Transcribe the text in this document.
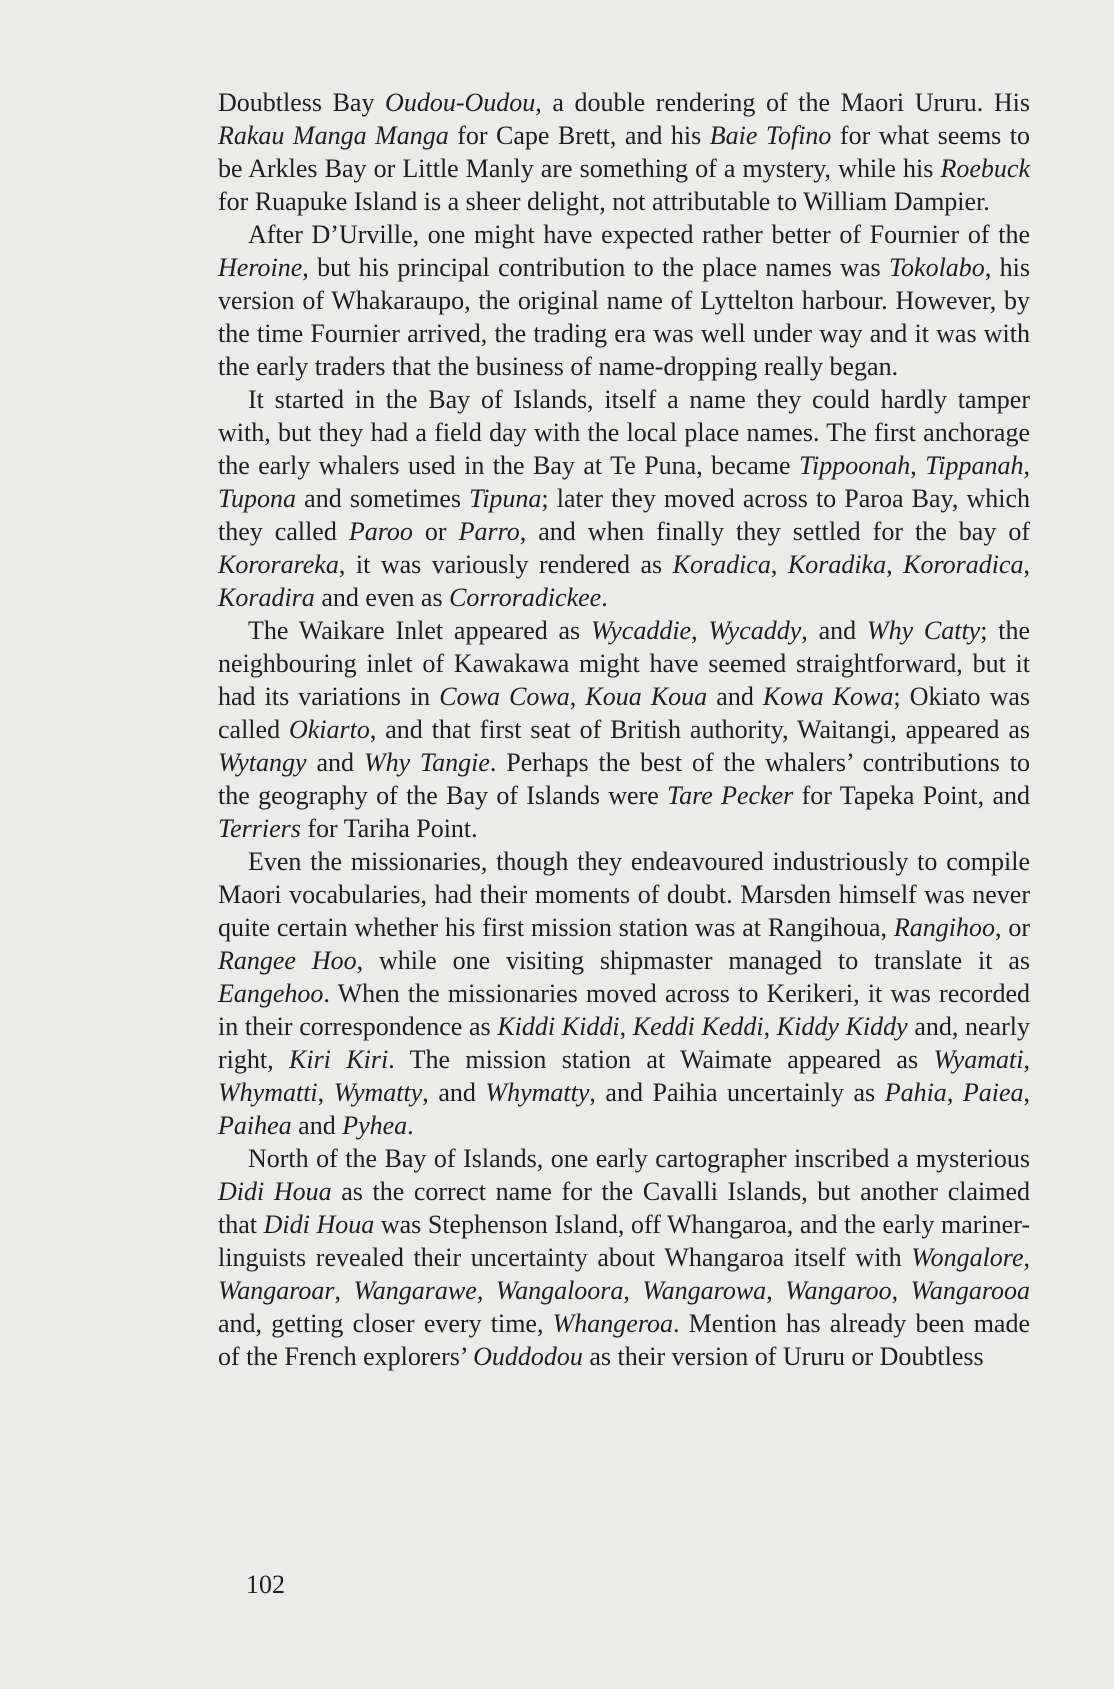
Doubtless Bay Oudou-Oudou, a double rendering of the Maori Ururu. His Rakau Manga Manga for Cape Brett, and his Baie Tofino for what seems to be Arkles Bay or Little Manly are something of a mystery, while his Roebuck for Ruapuke Island is a sheer delight, not attributable to William Dampier.

After D’Urville, one might have expected rather better of Fournier of the Heroine, but his principal contribution to the place names was Tokolabo, his version of Whakaraupo, the original name of Lyttelton harbour. However, by the time Fournier arrived, the trading era was well under way and it was with the early traders that the business of name-dropping really began.

It started in the Bay of Islands, itself a name they could hardly tamper with, but they had a field day with the local place names. The first anchorage the early whalers used in the Bay at Te Puna, became Tippoonah, Tippanah, Tupona and sometimes Tipuna; later they moved across to Paroa Bay, which they called Paroo or Parro, and when finally they settled for the bay of Kororareka, it was variously rendered as Koradica, Koradika, Kororadica, Koradira and even as Corroradickee.

The Waikare Inlet appeared as Wycaddie, Wycaddy, and Why Catty; the neighbouring inlet of Kawakawa might have seemed straightforward, but it had its variations in Cowa Cowa, Koua Koua and Kowa Kowa; Okiato was called Okiarto, and that first seat of British authority, Waitangi, appeared as Wytangy and Why Tangie. Perhaps the best of the whalers’ contributions to the geography of the Bay of Islands were Tare Pecker for Tapeka Point, and Terriers for Tariha Point.

Even the missionaries, though they endeavoured industriously to compile Maori vocabularies, had their moments of doubt. Marsden himself was never quite certain whether his first mission station was at Rangihoua, Rangihoo, or Rangee Hoo, while one visiting shipmaster managed to translate it as Eangehoo. When the missionaries moved across to Kerikeri, it was recorded in their correspondence as Kiddi Kiddi, Keddi Keddi, Kiddy Kiddy and, nearly right, Kiri Kiri. The mission station at Waimate appeared as Wyamati, Whymatti, Wymatty, and Whymatty, and Paihia uncertainly as Pahia, Paiea, Paihea and Pyhea.

North of the Bay of Islands, one early cartographer inscribed a mysterious Didi Houa as the correct name for the Cavalli Islands, but another claimed that Didi Houa was Stephenson Island, off Whangaroa, and the early mariner-linguists revealed their uncertainty about Whangaroa itself with Wongalore, Wangaroar, Wangarawe, Wangaloora, Wangarowa, Wangaroo, Wangarooa and, getting closer every time, Whangeroa. Mention has already been made of the French explorers’ Ouddodou as their version of Ururu or Doubtless

102
